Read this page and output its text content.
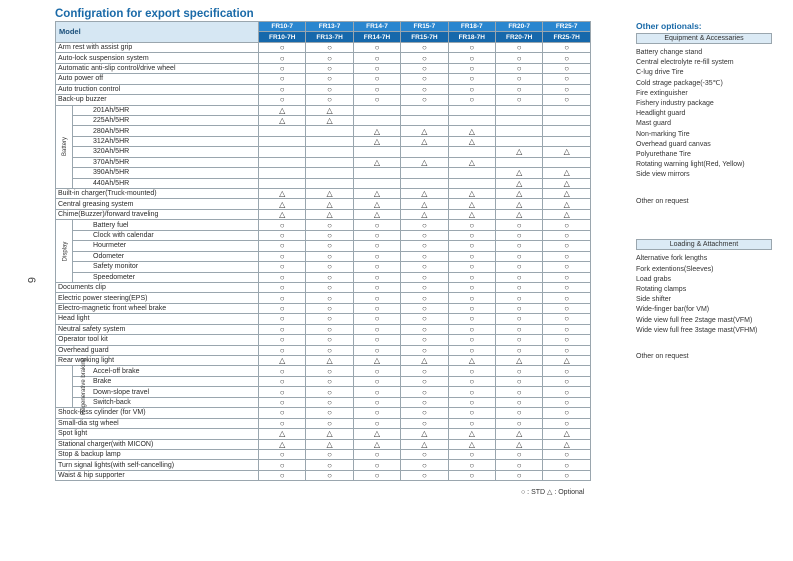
6
Configration for export specification
Model		FR10-7	FR13-7	FR14-7	FR15-7	FR18-7	FR20-7	FR25-7
		FR10-7H	FR13-7H	FR14-7H	FR15-7H	FR18-7H	FR20-7H	FR25-7H
Arm rest with assist grip		○	○	○	○	○	○	○
Auto-lock suspension system		○	○	○	○	○	○	○
Automatic anti-slip control/drive wheel		○	○	○	○	○	○	○
Auto power off		○	○	○	○	○	○	○
Auto truction control		○	○	○	○	○	○	○
Back-up buzzer		○	○	○	○	○	○	○
Battery	201Ah/5HR	△	△					
	225Ah/5HR	△	△					
	280Ah/5HR			△	△	△		
	312Ah/5HR			△	△	△		
	320Ah/5HR						△	△
	370Ah/5HR			△	△	△		
	390Ah/5HR						△	△
	440Ah/5HR						△	△
Built-in charger(Truck-mounted)		△	△	△	△	△	△	△
Central greasing system		△	△	△	△	△	△	△
Chime(Buzzer)/forward traveling		△	△	△	△	△	△	△
Display	Battery fuel	○	○	○	○	○	○	○
	Clock with calendar	○	○	○	○	○	○	○
	Hourmeter	○	○	○	○	○	○	○
	Odometer	○	○	○	○	○	○	○
	Safety monitor	○	○	○	○	○	○	○
	Speedometer	○	○	○	○	○	○	○
Documents clip		○	○	○	○	○	○	○
Electric power steering(EPS)		○	○	○	○	○	○	○
Electro-magnetic front wheel brake		○	○	○	○	○	○	○
Head light		○	○	○	○	○	○	○
Neutral safety system		○	○	○	○	○	○	○
Operator tool kit		○	○	○	○	○	○	○
Overhead guard		○	○	○	○	○	○	○
Rear working light		△	△	△	△	△	△	△
Regenerative braking	Accel-off brake	○	○	○	○	○	○	○
	Brake	○	○	○	○	○	○	○
	Down-slope travel	○	○	○	○	○	○	○
	Switch-back	○	○	○	○	○	○	○
Shock-less cylinder (for VM)		○	○	○	○	○	○	○
Small-dia stg wheel		○	○	○	○	○	○	○
Spot light		△	△	△	△	△	△	△
Stational charger(with MICON)		△	△	△	△	△	△	△
Stop & backup lamp		○	○	○	○	○	○	○
Turn signal lights(with self-cancelling)		○	○	○	○	○	○	○
Waist & hip supporter		○	○	○	○	○	○	○
○ : STD △ : Optional
Other optionals:
Equipment & Accessaries
Battery change stand
Central electrolyte re-fill system
C-lug drive Tire
Cold strage package(-35℃)
Fire extinguisher
Fishery industry package
Headlight guard
Mast guard
Non-marking Tire
Overhead guard canvas
Polyurethane Tire
Rotating warning light(Red, Yellow)
Side view mirrors
Other on request
Loading & Attachment
Alternative fork lengths
Fork extentions(Sleeves)
Load grabs
Rotating clamps
Side shifter
Wide-finger bar(for VM)
Wide view full free 2stage mast(VFM)
Wide view full free 3stage mast(VFHM)
Other on request
